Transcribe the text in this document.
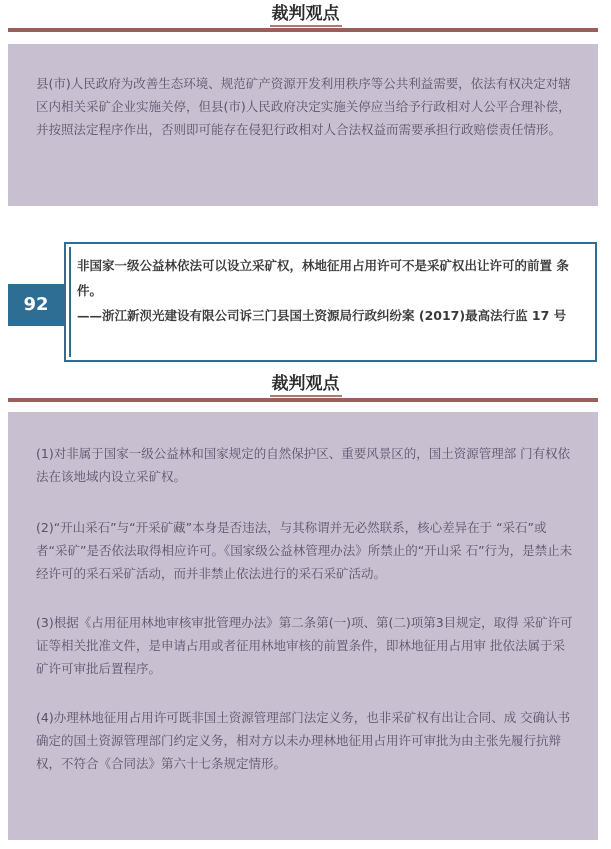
裁判观点

县(市)人民政府为改善生态环境、规范矿产资源开发利用秩序等公共利益需要，依法有权决定对辖区内相关采矿企业实施关停，但县(市)人民政府决定实施关停应当给予行政相对人公平合理补偿，并按照法定程序作出，否则即可能存在侵犯行政相对人合法权益而需要承担行政赔偿责任情形。

92

非国家一级公益林依法可以设立采矿权，林地征用占用许可不是采矿权出让许可的前置 条件。

——浙江新𬇙光建设有限公司诉三门县国土资源局行政纠纷案 (2017)最高法行监 17 号

裁判观点

(1)对非属于国家一级公益林和国家规定的自然保护区、重要风景区的，国土资源管理部 门有权依法在该地域内设立采矿权。

(2)“开山采石”与“开采矿藏”本身是否违法，与其称谓并无必然联系，核心差异在于 “采石”或者“采矿”是否依法取得相应许可。《国家级公益林管理办法》所禁止的“开山采 石”行为，是禁止未经许可的采石采矿活动，而并非禁止依法进行的采石采矿活动。

(3)根据《占用征用林地审核审批管理办法》第二条第(一)项、第(二)项第3目规定，取得 采矿许可证等相关批准文件，是申请占用或者征用林地审核的前置条件，即林地征用占用审 批依法属于采矿许可审批后置程序。

(4)办理林地征用占用许可既非国土资源管理部门法定义务，也非采矿权有出让合同、成 交确认书确定的国土资源管理部门约定义务，相对方以未办理林地征用占用许可审批为由主张先履行抗辩权，不符合《合同法》第六十七条规定情形。
